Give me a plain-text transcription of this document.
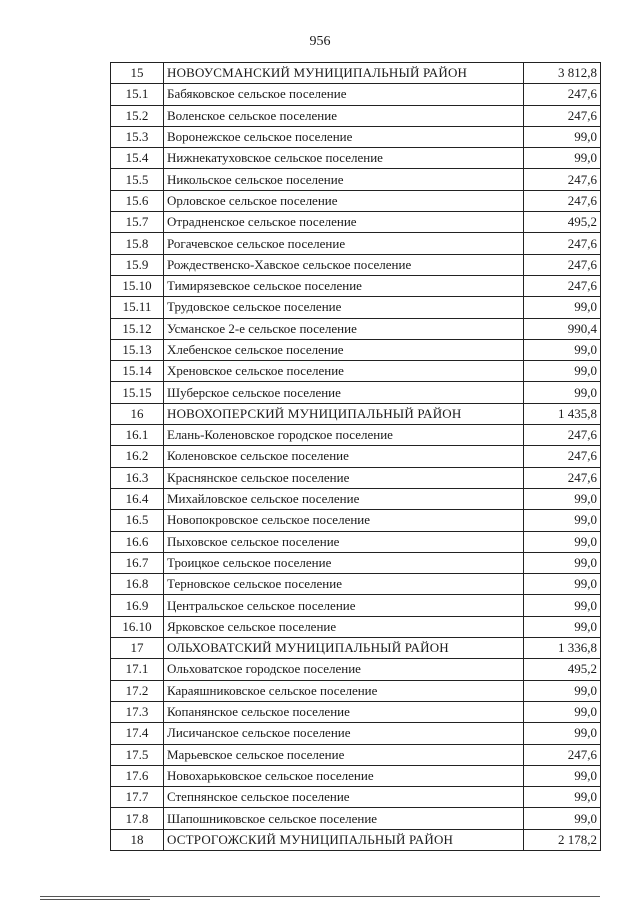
956
15	НОВОУСМАНСКИЙ МУНИЦИПАЛЬНЫЙ РАЙОН	3 812,8
15.1	Бабяковское сельское поселение	247,6
15.2	Воленское сельское поселение	247,6
15.3	Воронежское сельское поселение	99,0
15.4	Нижнекатуховское сельское поселение	99,0
15.5	Никольское сельское поселение	247,6
15.6	Орловское сельское поселение	247,6
15.7	Отрадненское сельское поселение	495,2
15.8	Рогачевское сельское поселение	247,6
15.9	Рождественско-Хавское сельское поселение	247,6
15.10	Тимирязевское сельское поселение	247,6
15.11	Трудовское сельское поселение	99,0
15.12	Усманское 2-е сельское поселение	990,4
15.13	Хлебенское сельское поселение	99,0
15.14	Хреновское сельское поселение	99,0
15.15	Шуберское сельское поселение	99,0
16	НОВОХОПЕРСКИЙ МУНИЦИПАЛЬНЫЙ РАЙОН	1 435,8
16.1	Елань-Коленовское городское поселение	247,6
16.2	Коленовское сельское поселение	247,6
16.3	Краснянское сельское поселение	247,6
16.4	Михайловское сельское поселение	99,0
16.5	Новопокровское сельское поселение	99,0
16.6	Пыховское сельское поселение	99,0
16.7	Троицкое сельское поселение	99,0
16.8	Терновское сельское поселение	99,0
16.9	Центральское сельское поселение	99,0
16.10	Ярковское сельское поселение	99,0
17	ОЛЬХОВАТСКИЙ МУНИЦИПАЛЬНЫЙ РАЙОН	1 336,8
17.1	Ольховатское городское поселение	495,2
17.2	Караяшниковское сельское поселение	99,0
17.3	Копанянское сельское поселение	99,0
17.4	Лисичанское сельское поселение	99,0
17.5	Марьевское сельское поселение	247,6
17.6	Новохарьковское сельское поселение	99,0
17.7	Степнянское сельское поселение	99,0
17.8	Шапошниковское сельское поселение	99,0
18	ОСТРОГОЖСКИЙ МУНИЦИПАЛЬНЫЙ РАЙОН	2 178,2
